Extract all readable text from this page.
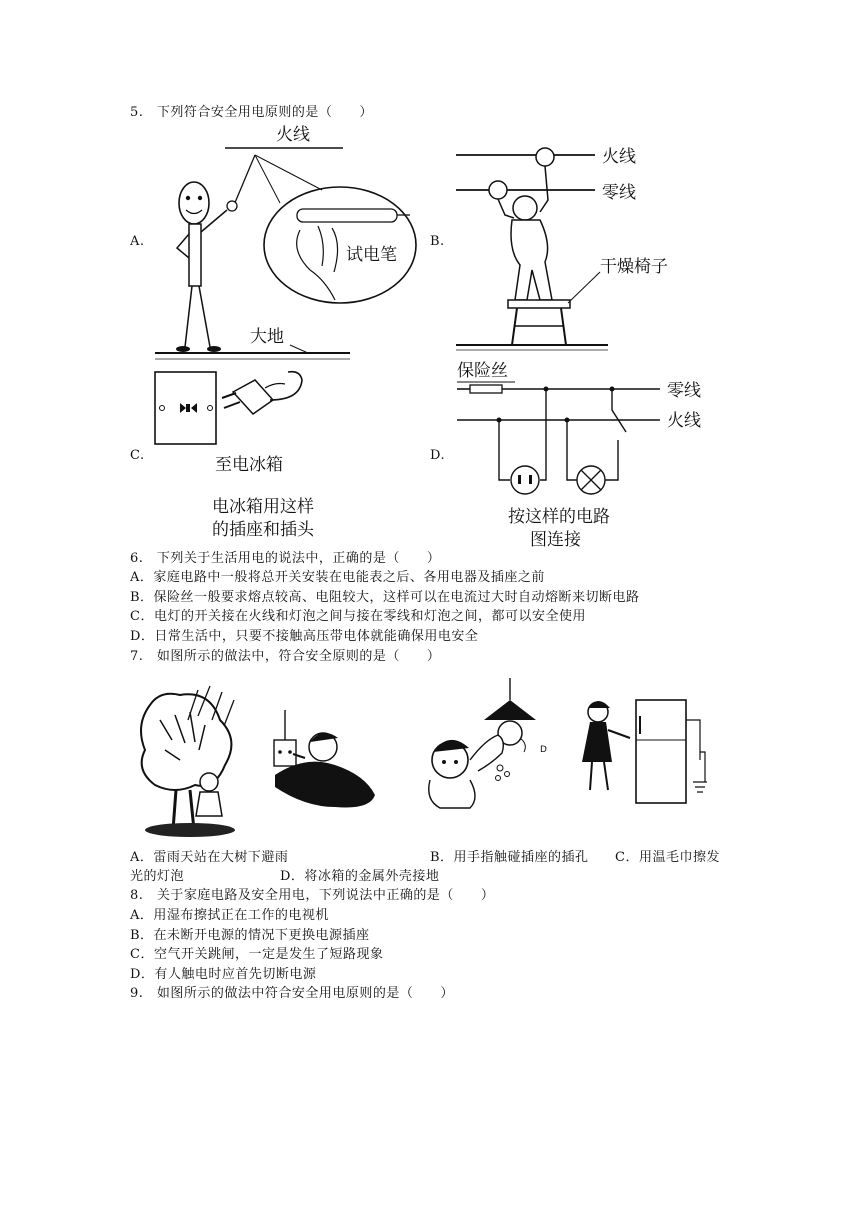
5.　下列符合安全用电原则的是（　　）
A.	B.
C.	D.
火线
试电笔
大地
火线
零线
干燥椅子
至电冰箱
电冰箱用这样
的插座和插头
保险丝
零线
火线
按这样的电路
图连接
6.　下列关于生活用电的说法中，正确的是（　　）
A．家庭电路中一般将总开关安装在电能表之后、各用电器及插座之前
B．保险丝一般要求熔点较高、电阻较大，这样可以在电流过大时自动熔断来切断电路
C．电灯的开关接在火线和灯泡之间与接在零线和灯泡之间，都可以安全使用
D．日常生活中，只要不接触高压带电体就能确保用电安全
7.　如图所示的做法中，符合安全原则的是（　　）
D
A．雷雨天站在大树下避雨	B．用手指触碰插座的插孔 C．用温毛巾擦发
光的灯泡	D．将冰箱的金属外壳接地
8.　关于家庭电路及安全用电，下列说法中正确的是（　　）
A．用湿布擦拭正在工作的电视机
B．在未断开电源的情况下更换电源插座
C．空气开关跳闸，一定是发生了短路现象
D．有人触电时应首先切断电源
9.　如图所示的做法中符合安全用电原则的是（　　）
